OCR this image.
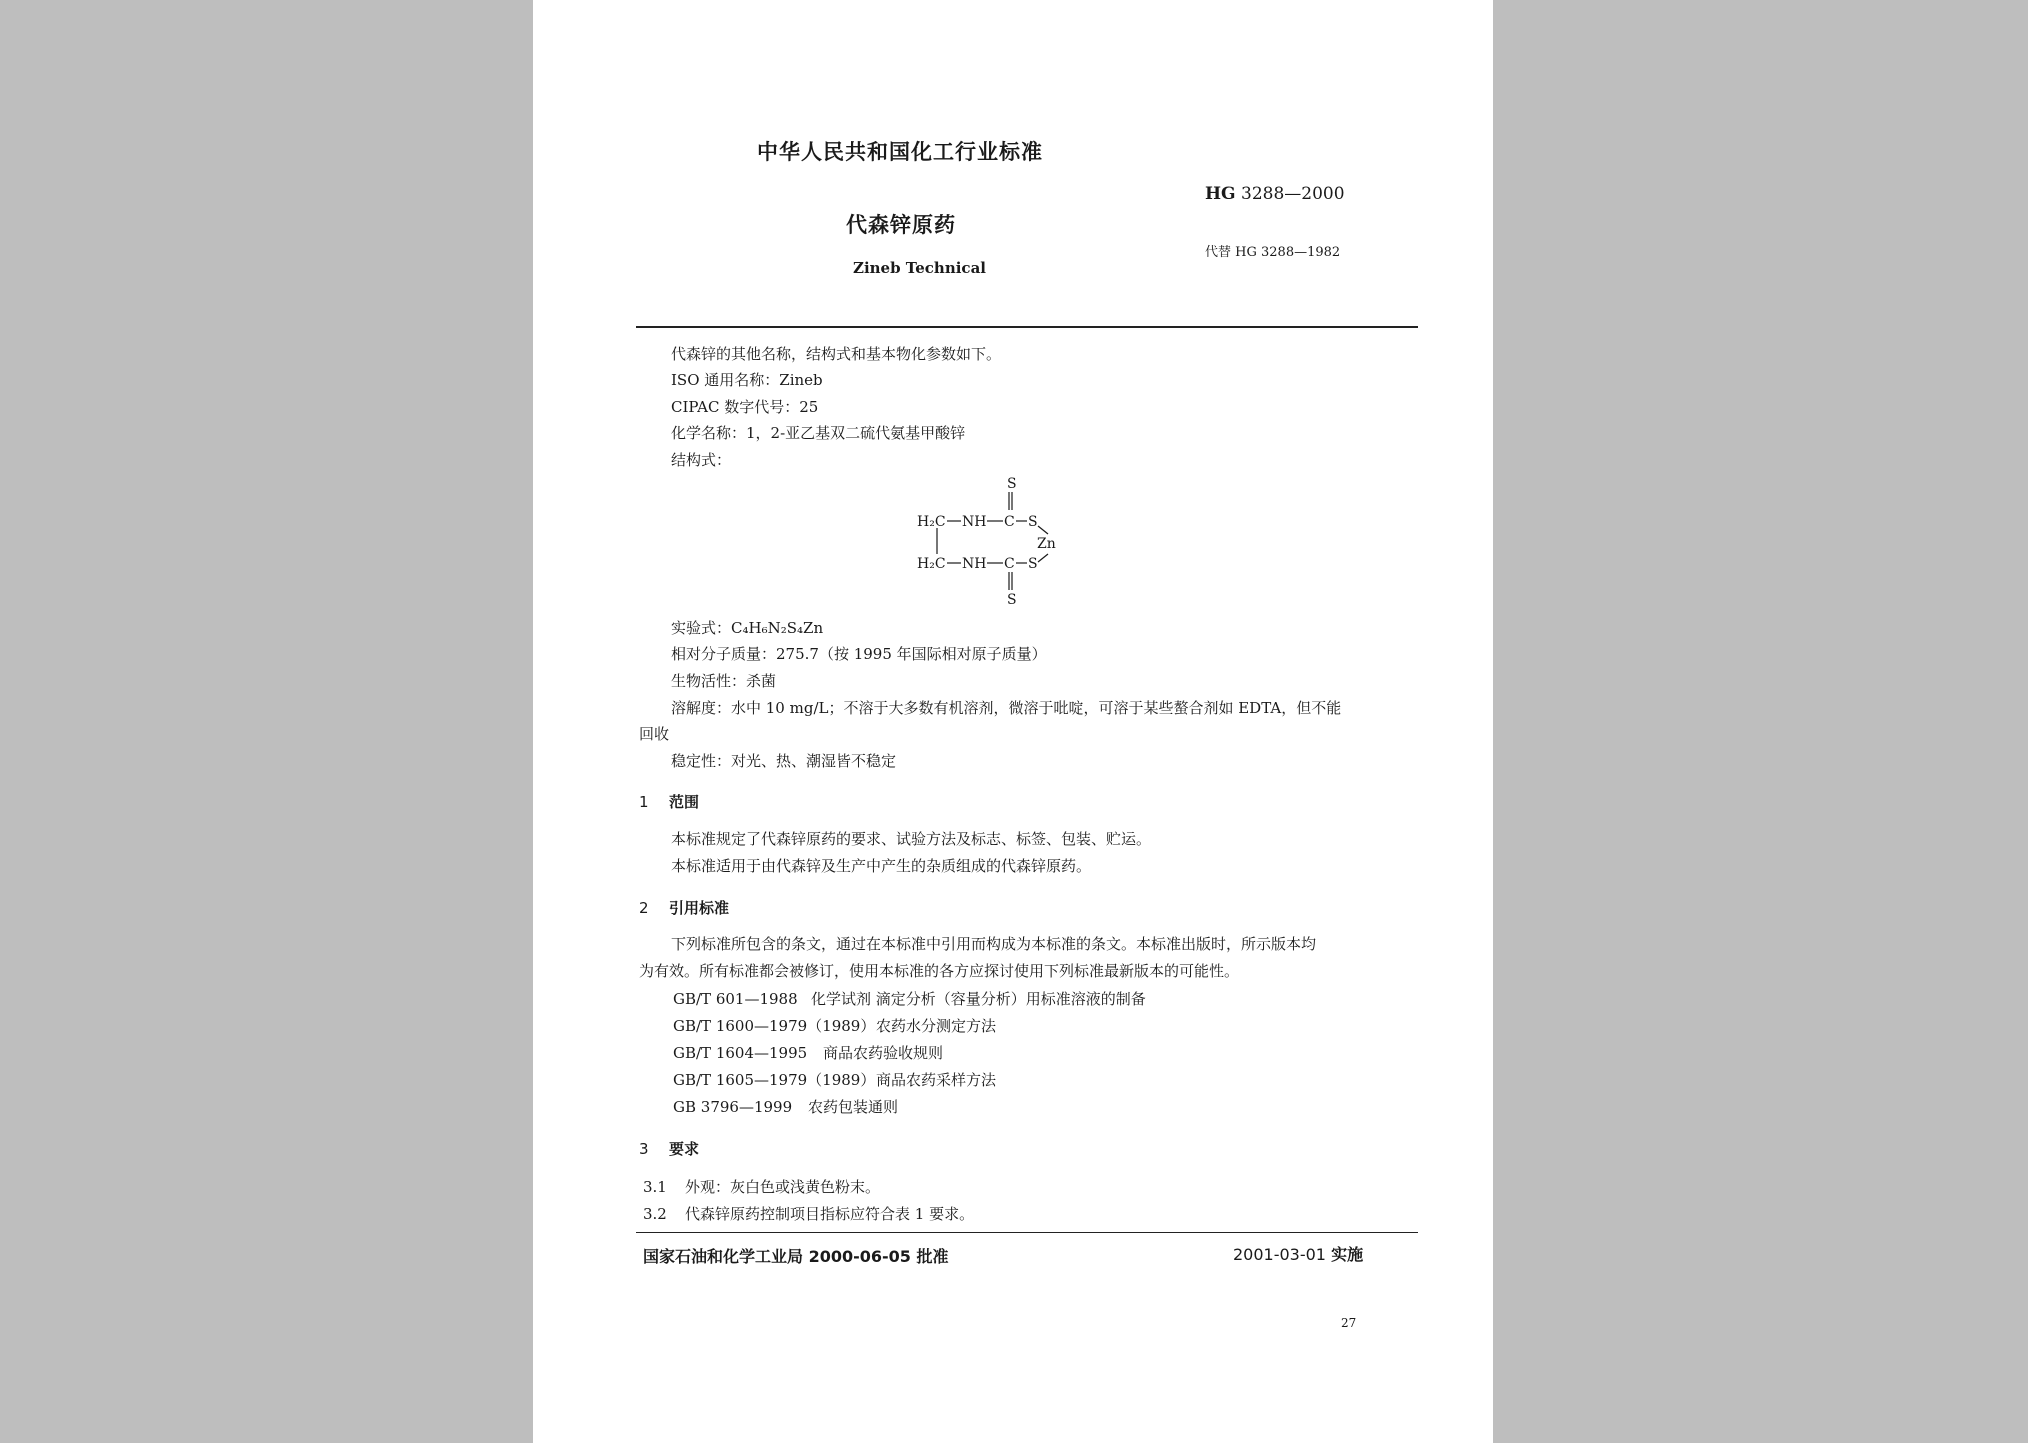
中华人民共和国化工行业标准
HG 3288—2000
代森锌原药
代替 HG 3288—1982
Zineb Technical
代森锌的其他名称，结构式和基本物化参数如下。
ISO 通用名称：Zineb
CIPAC 数字代号：25
化学名称：1，2-亚乙基双二硫代氨基甲酸锌
结构式：
S
H₂C NH C S
Zn
H₂C NH C S
S
实验式：C₄H₆N₂S₄Zn
相对分子质量：275.7（按 1995 年国际相对原子质量）
生物活性：杀菌
溶解度：水中 10 mg/L；不溶于大多数有机溶剂，微溶于吡啶，可溶于某些螯合剂如 EDTA，但不能
回收
稳定性：对光、热、潮湿皆不稳定
1 范围
本标准规定了代森锌原药的要求、试验方法及标志、标签、包装、贮运。
本标准适用于由代森锌及生产中产生的杂质组成的代森锌原药。
2 引用标准
下列标准所包含的条文，通过在本标准中引用而构成为本标准的条文。本标准出版时，所示版本均
为有效。所有标准都会被修订，使用本标准的各方应探讨使用下列标准最新版本的可能性。
GB/T 601—1988 化学试剂 滴定分析（容量分析）用标准溶液的制备
GB/T 1600—1979（1989）农药水分测定方法
GB/T 1604—1995 商品农药验收规则
GB/T 1605—1979（1989）商品农药采样方法
GB 3796—1999 农药包装通则
3 要求
3.1 外观：灰白色或浅黄色粉末。
3.2 代森锌原药控制项目指标应符合表 1 要求。
国家石油和化学工业局 2000-06-05 批准	2001-03-01 实施
27
